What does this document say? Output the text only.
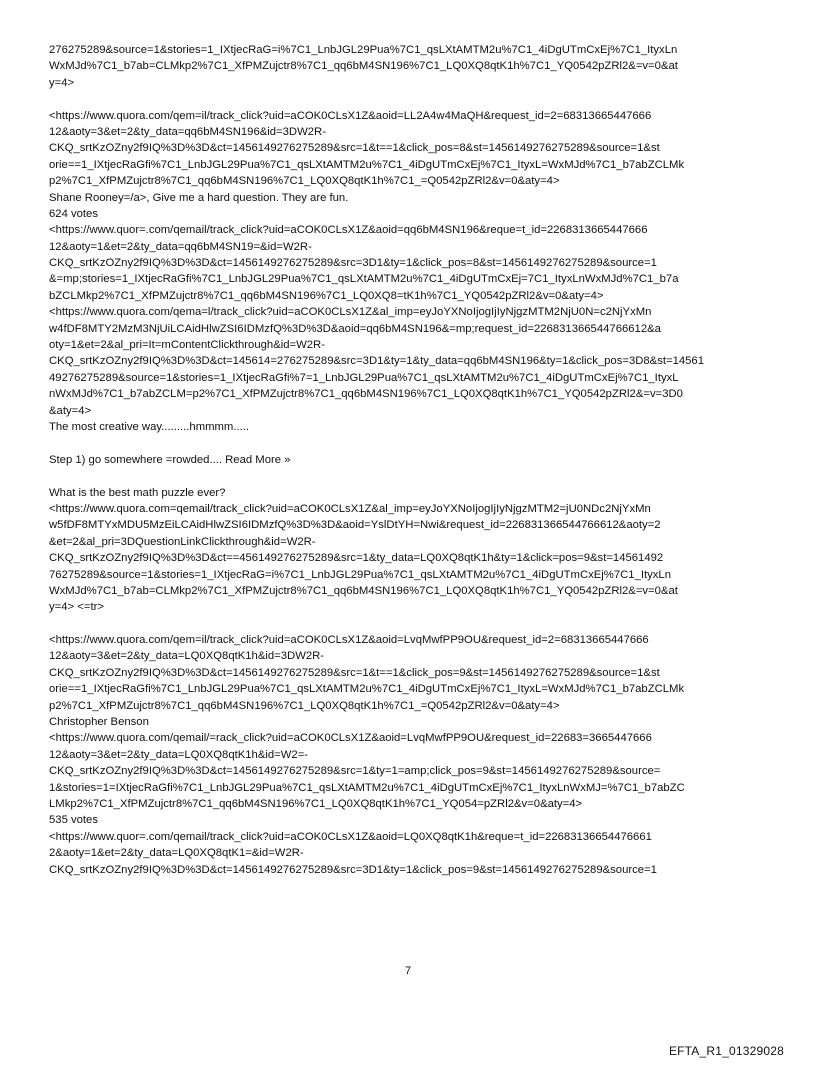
276275289&source=1&stories=1_IXtjecRaG=i%7C1_LnbJGL29Pua%7C1_qsLXtAMTM2u%7C1_4iDgUTmCxEj%7C1_ItyxLn
WxMJd%7C1_b7ab=CLMkp2%7C1_XfPMZujctr8%7C1_qq6bM4SN196%7C1_LQ0XQ8qtK1h%7C1_YQ0542pZRl2&=v=0&at
y=4>
<https://www.quora.com/qem=il/track_click?uid=aCOK0CLsX1Z&aoid=LL2A4w4MaQH&request_id=2=68313665447666
12&aoty=3&et=2&ty_data=qq6bM4SN196&id=3DW2R-
CKQ_srtKzOZny2f9IQ%3D%3D&ct=1456149276275289&src=1&t==1&click_pos=8&st=1456149276275289&source=1&st
orie==1_IXtjecRaGfi%7C1_LnbJGL29Pua%7C1_qsLXtAMTM2u%7C1_4iDgUTmCxEj%7C1_ItyxL=WxMJd%7C1_b7abZCLMk
p2%7C1_XfPMZujctr8%7C1_qq6bM4SN196%7C1_LQ0XQ8qtK1h%7C1_=Q0542pZRl2&v=0&aty=4>
Shane Rooney=/a>, Give me a hard question. They are fun.
624 votes
<https://www.quor=.com/qemail/track_click?uid=aCOK0CLsX1Z&aoid=qq6bM4SN196&reque=t_id=2268313665447666
12&aoty=1&et=2&ty_data=qq6bM4SN19=&id=W2R-
CKQ_srtKzOZny2f9IQ%3D%3D&ct=1456149276275289&src=3D1&ty=1&click_pos=8&st=1456149276275289&source=1
&=mp;stories=1_IXtjecRaGfi%7C1_LnbJGL29Pua%7C1_qsLXtAMTM2u%7C1_4iDgUTmCxEj=7C1_ItyxLnWxMJd%7C1_b7a
bZCLMkp2%7C1_XfPMZujctr8%7C1_qq6bM4SN196%7C1_LQ0XQ8=tK1h%7C1_YQ0542pZRl2&v=0&aty=4>
<https://www.quora.com/qema=l/track_click?uid=aCOK0CLsX1Z&al_imp=eyJoYXNoIjogIjIyNjgzMTM2NjU0N=c2NjYxMn
w4fDF8MTY2MzM3NjUiLCAidHlwZSI6IDMzfQ%3D%3D&aoid=qq6bM4SN196&=mp;request_id=226831366544766612&a
oty=1&et=2&al_pri=It=mContentClickthrough&id=W2R-
CKQ_srtKzOZny2f9IQ%3D%3D&ct=145614=276275289&src=3D1&ty=1&ty_data=qq6bM4SN196&ty=1&click_pos=3D8&st=14561
49276275289&source=1&stories=1_IXtjecRaGfi%7=1_LnbJGL29Pua%7C1_qsLXtAMTM2u%7C1_4iDgUTmCxEj%7C1_ItyxL
nWxMJd%7C1_b7abZCLM=p2%7C1_XfPMZujctr8%7C1_qq6bM4SN196%7C1_LQ0XQ8qtK1h%7C1_YQ0542pZRl2&=v=3D0
&aty=4>
The most creative way.........hmmmm.....
Step 1) go somewhere =rowded.... Read More »
What is the best math puzzle ever?
<https://www.quora.com=qemail/track_click?uid=aCOK0CLsX1Z&al_imp=eyJoYXNoIjogIjIyNjgzMTM2=jU0NDc2NjYxMn
w5fDF8MTYxMDU5MzEiLCAidHlwZSI6IDMzfQ%3D%3D&aoid=YslDtYH=Nwi&request_id=226831366544766612&aoty=2
&et=2&al_pri=3DQuestionLinkClickthrough&id=W2R-
CKQ_srtKzOZny2f9IQ%3D%3D&ct==456149276275289&src=1&ty_data=LQ0XQ8qtK1h&ty=1&click=pos=9&st=14561492
76275289&source=1&stories=1_IXtjecRaG=i%7C1_LnbJGL29Pua%7C1_qsLXtAMTM2u%7C1_4iDgUTmCxEj%7C1_ItyxLn
WxMJd%7C1_b7ab=CLMkp2%7C1_XfPMZujctr8%7C1_qq6bM4SN196%7C1_LQ0XQ8qtK1h%7C1_YQ0542pZRl2&=v=0&at
y=4> <=tr>
<https://www.quora.com/qem=il/track_click?uid=aCOK0CLsX1Z&aoid=LvqMwfPP9OU&request_id=2=68313665447666
12&aoty=3&et=2&ty_data=LQ0XQ8qtK1h&id=3DW2R-
CKQ_srtKzOZny2f9IQ%3D%3D&ct=1456149276275289&src=1&t==1&click_pos=9&st=1456149276275289&source=1&st
orie==1_IXtjecRaGfi%7C1_LnbJGL29Pua%7C1_qsLXtAMTM2u%7C1_4iDgUTmCxEj%7C1_ItyxL=WxMJd%7C1_b7abZCLMk
p2%7C1_XfPMZujctr8%7C1_qq6bM4SN196%7C1_LQ0XQ8qtK1h%7C1_=Q0542pZRl2&v=0&aty=4>
Christopher Benson
<https://www.quora.com/qemail/=rack_click?uid=aCOK0CLsX1Z&aoid=LvqMwfPP9OU&request_id=22683=3665447666
12&aoty=3&et=2&ty_data=LQ0XQ8qtK1h&id=W2=-
CKQ_srtKzOZny2f9IQ%3D%3D&ct=1456149276275289&src=1&ty=1=amp;click_pos=9&st=1456149276275289&source=
1&stories=1=IXtjecRaGfi%7C1_LnbJGL29Pua%7C1_qsLXtAMTM2u%7C1_4iDgUTmCxEj%7C1_ItyxLnWxMJ=%7C1_b7abZC
LMkp2%7C1_XfPMZujctr8%7C1_qq6bM4SN196%7C1_LQ0XQ8qtK1h%7C1_YQ054=pZRl2&v=0&aty=4>
535 votes
<https://www.quor=.com/qemail/track_click?uid=aCOK0CLsX1Z&aoid=LQ0XQ8qtK1h&reque=t_id=22683136654476661
2&aoty=1&et=2&ty_data=LQ0XQ8qtK1=&id=W2R-
CKQ_srtKzOZny2f9IQ%3D%3D&ct=1456149276275289&src=3D1&ty=1&click_pos=9&st=1456149276275289&source=1
7
EFTA_R1_01329028
